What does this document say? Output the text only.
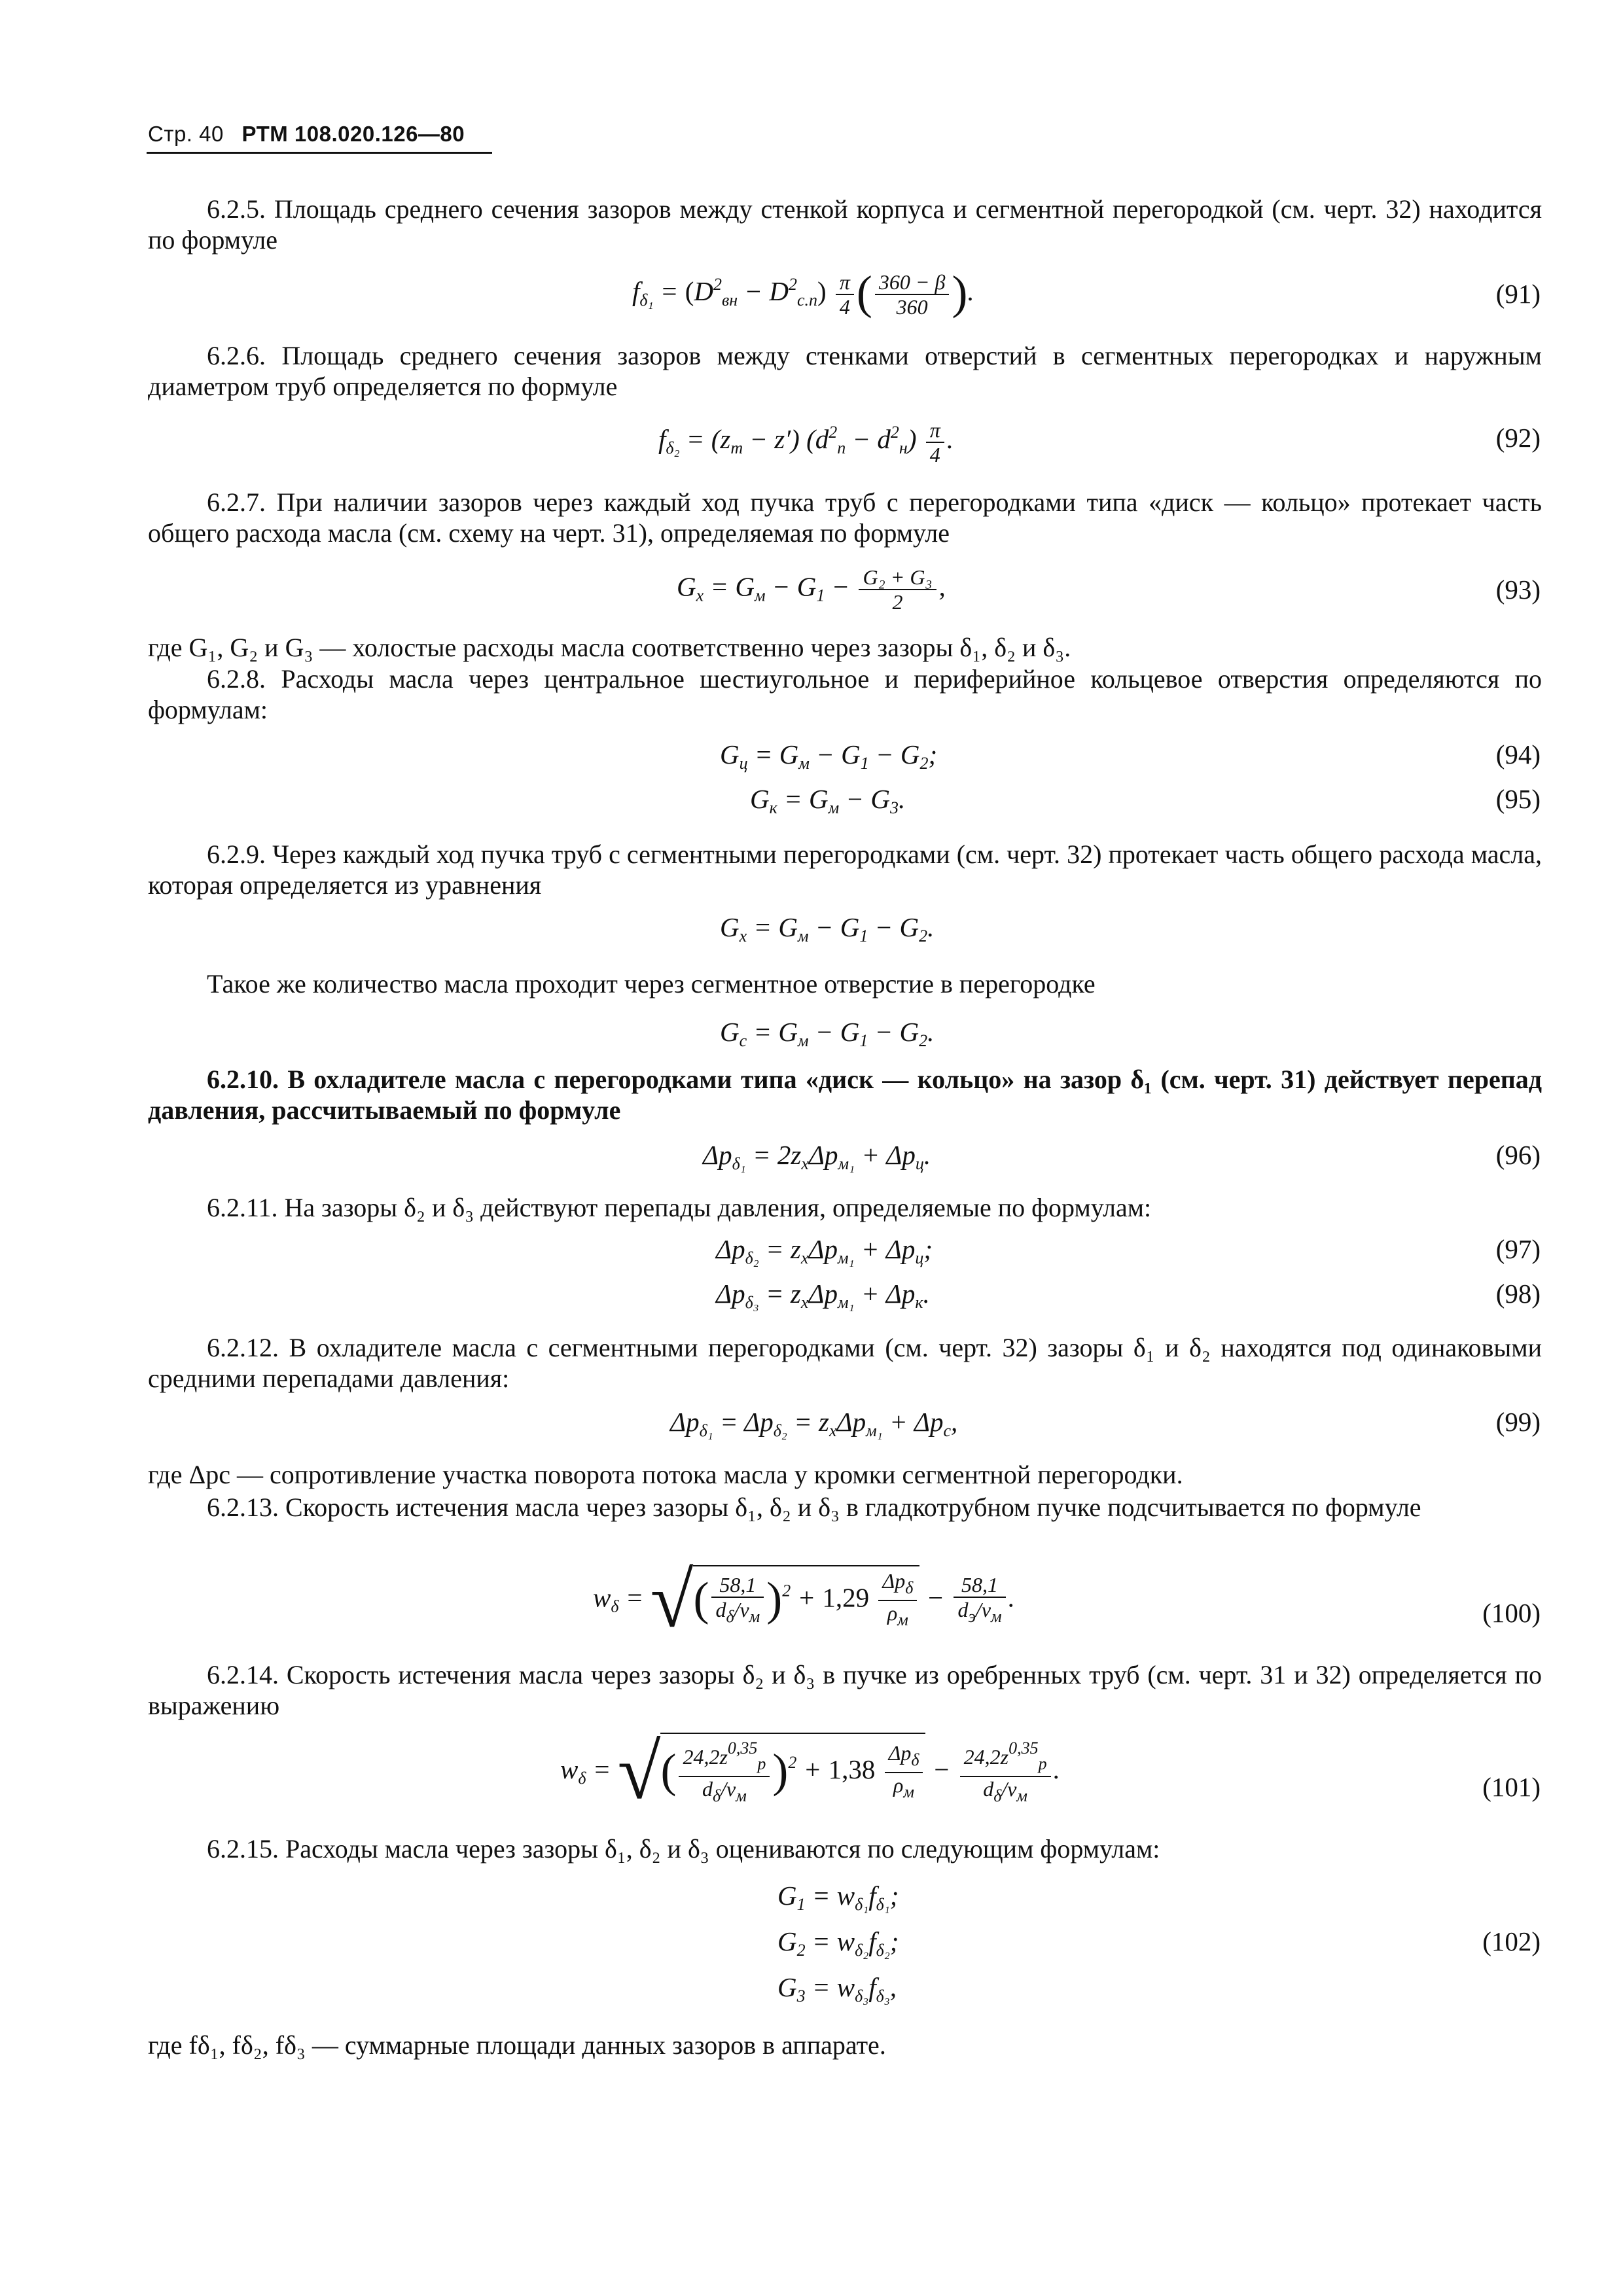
Стр. 40 РТМ 108.020.126—80
6.2.5. Площадь среднего сечения зазоров между стенкой корпуса и сегментной перегородкой (см. черт. 32) находится по формуле
$f_{\delta_1} = (D^2_{вн} - D^2_{с.п}) \frac{\pi}{4}$ ( $\frac{360 - \beta}{360}$ ).	(91)
6.2.6. Площадь среднего сечения зазоров между стенками отверстий в сегментных перегородках и наружным диаметром труб определяется по формуле
$f_{\delta_2} = (z_т - z') (d^2_п - d^2_н) \frac{\pi}{4}$ .	(92)
6.2.7. При наличии зазоров через каждый ход пучка труб с перегородками типа «диск — кольцо» протекает часть общего расхода масла (см. схему на черт. 31), определяемая по формуле
$G_x = G_м - G_1 - \frac{\text{G₂ + G₃}}{2}$ ,	(93)
где G₁, G₂ и G₃ — холостые расходы масла соответственно через зазоры δ₁, δ₂ и δ₃.
6.2.8. Расходы масла через центральное шестиугольное и периферийное кольцевое отверстия определяются по формулам:
$G_ц = G_м - G_1 - G_2$;	(94)
$G_к = G_м - G_3$.	(95)
6.2.9. Через каждый ход пучка труб с сегментными перегородками (см. черт. 32) протекает часть общего расхода масла, которая определяется из уравнения
$G_x = G_м - G_1 - G_2$.
Такое же количество масла проходит через сегментное отверстие в перегородке
$G_с = G_м - G_1 - G_2$.
6.2.10. В охладителе масла с перегородками типа «диск — кольцо» на зазор δ₁ (см. черт. 31) действует перепад давления, рассчитываемый по формуле
$\Delta p_{\delta_1} = 2z_x\Delta p_{м_1} + \Delta p_ц$.	(96)
6.2.11. На зазоры δ₂ и δ₃ действуют перепады давления, определяемые по формулам:
$\Delta p_{\delta_2} = z_x\Delta p_{м_1} + \Delta p_ц$;	(97)
$\Delta p_{\delta_3} = z_x\Delta p_{м_1} + \Delta p_к$.	(98)
6.2.12. В охладителе масла с сегментными перегородками (см. черт. 32) зазоры δ₁ и δ₂ находятся под одинаковыми средними перепадами давления:
$\Delta p_{\delta_1} = \Delta p_{\delta_2} = z_x\Delta p_{м_1} + \Delta p_с$,	(99)
где Δpc — сопротивление участка поворота потока масла у кромки сегментной перегородки.
6.2.13. Скорость истечения масла через зазоры δ₁, δ₂ и δ₃ в гладкотрубном пучке подсчитывается по формуле
$w_\delta$ = √( $\frac{58,1}{d_\delta/\nu_м} )^2 + 1,29 \frac{\Delta p_\delta}{\rho_м} - \frac{58,1}{d_э/\nu_м}$ .
(100)
6.2.14. Скорость истечения масла через зазоры δ₂ и δ₃ в пучке из оребренных труб (см. черт. 31 и 32) определяется по выражению
$w_\delta$ = √( $\frac{24,2z^{0,35}_р}{d_\delta/\nu_м} )^2 + 1,38 \frac{\Delta p_\delta}{\rho_м} - \frac{24,2z^{0,35}_р}{d_\delta/\nu_м}$ .
(101)
6.2.15. Расходы масла через зазоры δ₁, δ₂ и δ₃ оцениваются по следующим формулам:
$G_1 = w_{\delta_1}f_{\delta_1}$;
$G_2 = w_{\delta_2}f_{\delta_2}$;	(102)
$G_3 = w_{\delta_3}f_{\delta_3}$,
где fδ₁, fδ₂, fδ₃ — суммарные площади данных зазоров в аппарате.
